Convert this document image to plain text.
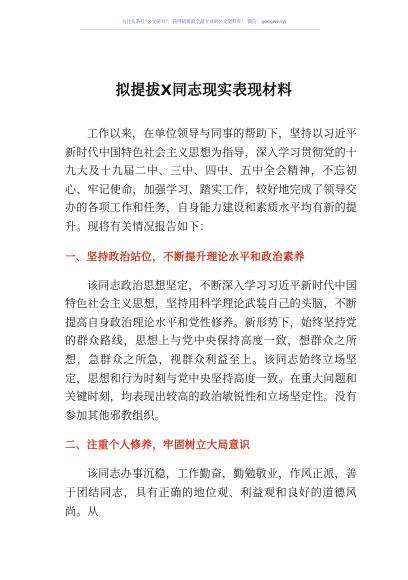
关注头条号“公文研究”，获得最新最全最专业的公文资料库！ 微信：gongwenyj
拟提拔X同志现实表现材料

工作以来，在单位领导与同事的帮助下，坚持以习近平新时代中国特色社会主义思想为指导，深入学习贯彻党的十九大及十九届二中、三中、四中、五中全会精神，不忘初心、牢记使命，加强学习、踏实工作，较好地完成了领导交办的各项工作和任务，自身能力建设和素质水平均有新的提升。现将有关情况报告如下：

一、坚持政治站位，不断提升理论水平和政治素养

该同志政治思想坚定，不断深入学习习近平新时代中国特色社会主义思想，坚持用科学理论武装自己的头脑，不断提高自身政治理论水平和党性修养。新形势下，始终坚持党的群众路线，思想上与党中央保持高度一致，想群众之所想，急群众之所急，视群众利益至上。该同志始终立场坚定，思想和行为时刻与党中央坚持高度一致。在重大问题和关键时刻，均表现出较高的政治敏锐性和立场坚定性。没有参加其他邪教组织。

二、注重个人修养，牢固树立大局意识

该同志办事沉稳，工作勤奋，勤勉敬业，作风正派，善于团结同志，具有正确的地位观、利益观和良好的道德风尚。从
